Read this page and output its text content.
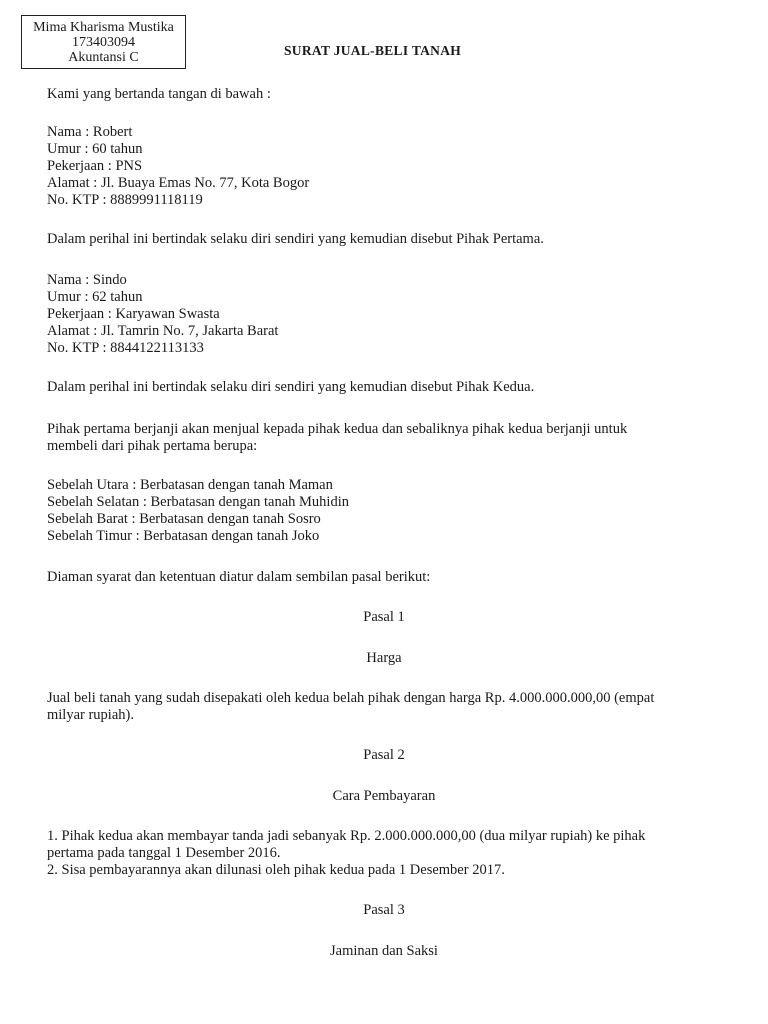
Mima Kharisma Mustika
173403094
Akuntansi C	SURAT JUAL-BELI TANAH
Kami yang bertanda tangan di bawah :
Nama : Robert
Umur : 60 tahun
Pekerjaan : PNS
Alamat : Jl. Buaya Emas No. 77, Kota Bogor
No. KTP : 8889991118119
Dalam perihal ini bertindak selaku diri sendiri yang kemudian disebut Pihak Pertama.
Nama : Sindo
Umur : 62 tahun
Pekerjaan : Karyawan Swasta
Alamat : Jl. Tamrin No. 7, Jakarta Barat
No. KTP : 8844122113133
Dalam perihal ini bertindak selaku diri sendiri yang kemudian disebut Pihak Kedua.
Pihak pertama berjanji akan menjual kepada pihak kedua dan sebaliknya pihak kedua berjanji untuk
membeli dari pihak pertama berupa:
Sebelah Utara : Berbatasan dengan tanah Maman
Sebelah Selatan : Berbatasan dengan tanah Muhidin
Sebelah Barat : Berbatasan dengan tanah Sosro
Sebelah Timur : Berbatasan dengan tanah Joko
Diaman syarat dan ketentuan diatur dalam sembilan pasal berikut:
Pasal 1
Harga
Jual beli tanah yang sudah disepakati oleh kedua belah pihak dengan harga Rp. 4.000.000.000,00 (empat
milyar rupiah).
Pasal 2
Cara Pembayaran
1. Pihak kedua akan membayar tanda jadi sebanyak Rp. 2.000.000.000,00 (dua milyar rupiah) ke pihak
pertama pada tanggal 1 Desember 2016.
2. Sisa pembayarannya akan dilunasi oleh pihak kedua pada 1 Desember 2017.
Pasal 3
Jaminan dan Saksi
